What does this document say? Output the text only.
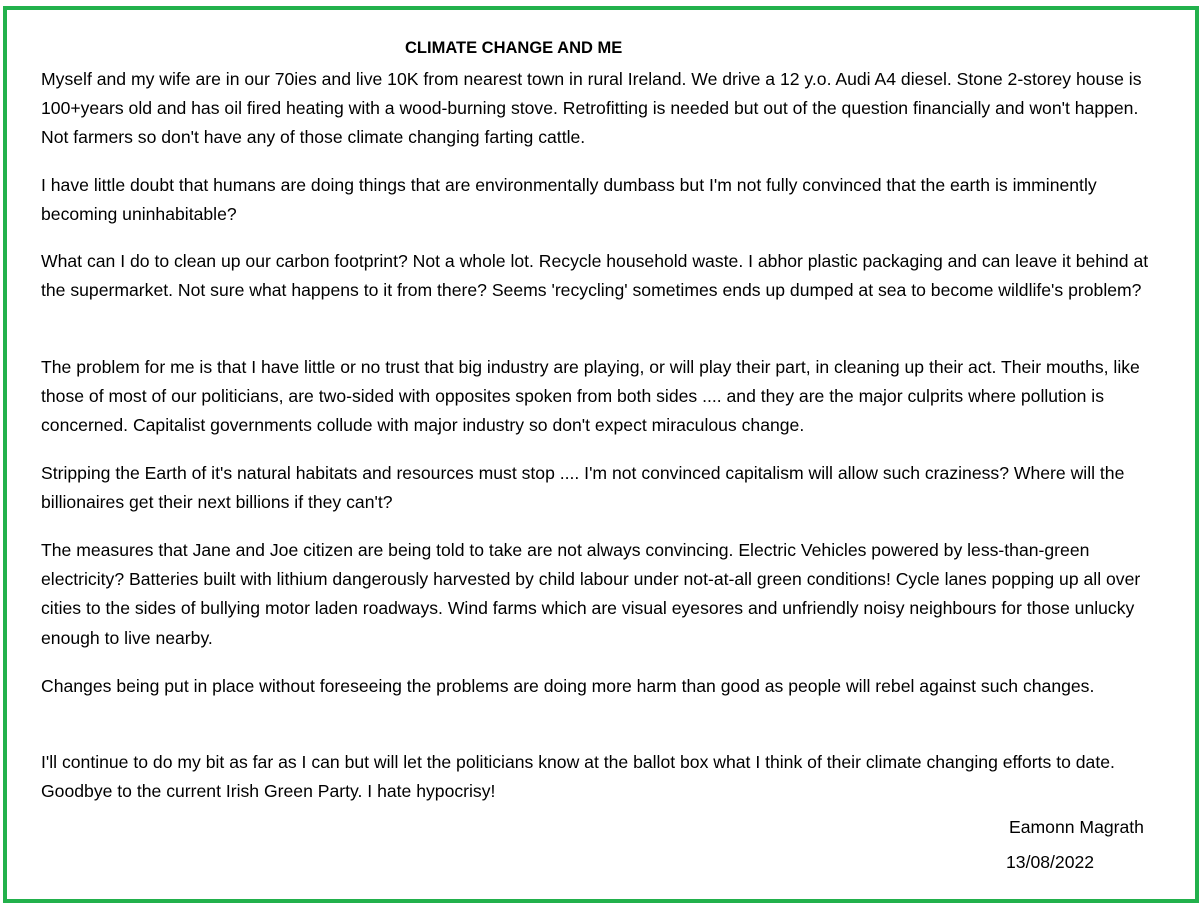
CLIMATE CHANGE AND ME

Myself and my wife are in our 70ies and live 10K from nearest town in rural Ireland. We drive a 12 y.o. Audi A4 diesel. Stone 2-storey house is 100+years old and has oil fired heating with a wood-burning stove. Retrofitting is needed but out of the question financially and won't happen. Not farmers so don't have any of those climate changing farting cattle.

I have little doubt that humans are doing things that are environmentally dumbass but I'm not fully convinced that the earth is imminently becoming uninhabitable?

What can I do to clean up our carbon footprint? Not a whole lot. Recycle household waste. I abhor plastic packaging and can leave it behind at the supermarket. Not sure what happens to it from there? Seems 'recycling' sometimes ends up dumped at sea to become wildlife's problem?

The problem for me is that I have little or no trust that big industry are playing, or will play their part, in cleaning up their act. Their mouths, like those of most of our politicians, are two-sided with opposites spoken from both sides .... and they are the major culprits where pollution is concerned. Capitalist governments collude with major industry so don't expect miraculous change.

Stripping the Earth of it's natural habitats and resources must stop .... I'm not convinced capitalism will allow such craziness? Where will the billionaires get their next billions if they can't?

The measures that Jane and Joe citizen are being told to take are not always convincing. Electric Vehicles powered by less-than-green electricity? Batteries built with lithium dangerously harvested by child labour under not-at-all green conditions! Cycle lanes popping up all over cities to the sides of bullying motor laden roadways. Wind farms which are visual eyesores and unfriendly noisy neighbours for those unlucky enough to live nearby.

Changes being put in place without foreseeing the problems are doing more harm than good as people will rebel against such changes.

I'll continue to do my bit as far as I can but will let the politicians know at the ballot box what I think of their climate changing efforts to date. Goodbye to the current Irish Green Party. I hate hypocrisy!

Eamonn Magrath
13/08/2022
